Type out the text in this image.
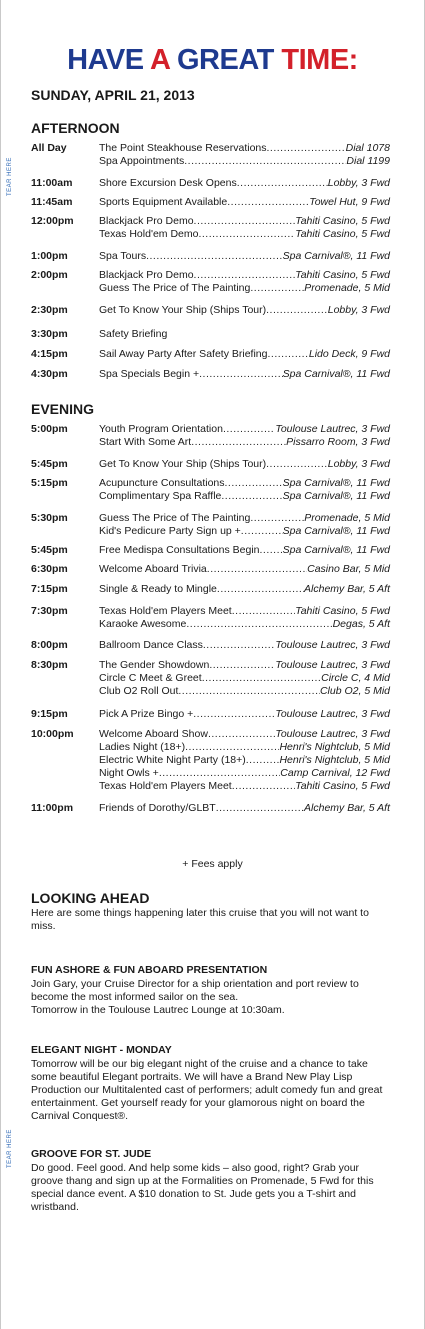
TEAR HERE
TEAR HERE
HAVE A GREAT TIME:
SUNDAY, APRIL 21, 2013
AFTERNOON
All Day	The Point Steakhouse Reservations .....	Dial 1078
Spa Appointments .....	Dial 1199
11:00am	Shore Excursion Desk Opens .....	Lobby, 3 Fwd
11:45am	Sports Equipment Available .....	Towel Hut, 9 Fwd
12:00pm	Blackjack Pro Demo .....	Tahiti Casino, 5 Fwd
Texas Hold'em Demo .....	Tahiti Casino, 5 Fwd
1:00pm	Spa Tours .....	Spa Carnival®, 11 Fwd
2:00pm	Blackjack Pro Demo .....	Tahiti Casino, 5 Fwd
Guess The Price of The Painting .....	Promenade, 5 Mid
2:30pm	Get To Know Your Ship (Ships Tour) .....	Lobby, 3 Fwd
3:30pm	Safety Briefing
4:15pm	Sail Away Party After Safety Briefing .....	Lido Deck, 9 Fwd
4:30pm	Spa Specials Begin + .....	Spa Carnival®, 11 Fwd
EVENING
5:00pm	Youth Program Orientation .....	Toulouse Lautrec, 3 Fwd
Start With Some Art .....	Pissarro Room, 3 Fwd
5:45pm	Get To Know Your Ship (Ships Tour) .....	Lobby, 3 Fwd
5:15pm	Acupuncture Consultations .....	Spa Carnival®, 11 Fwd
Complimentary Spa Raffle .....	Spa Carnival®, 11 Fwd
5:30pm	Guess The Price of The Painting .....	Promenade, 5 Mid
Kid's Pedicure Party Sign up + .....	Spa Carnival®, 11 Fwd
5:45pm	Free Medispa Consultations Begin ..... Spa Carnival®, 11 Fwd
6:30pm	Welcome Aboard Trivia .....	Casino Bar, 5 Mid
7:15pm	Single & Ready to Mingle .....	Alchemy Bar, 5 Aft
7:30pm	Texas Hold'em Players Meet .....	Tahiti Casino, 5 Fwd
Karaoke Awesome .....	Degas, 5 Aft
8:00pm	Ballroom Dance Class .....	Toulouse Lautrec, 3 Fwd
8:30pm	The Gender Showdown .....	Toulouse Lautrec, 3 Fwd
Circle C Meet & Greet .....	Circle C, 4 Mid
Club O2 Roll Out .....	Club O2, 5 Mid
9:15pm	Pick A Prize Bingo + .....	Toulouse Lautrec, 3 Fwd
10:00pm	Welcome Aboard Show .....	Toulouse Lautrec, 3 Fwd
Ladies Night (18+) .....	Henri's Nightclub, 5 Mid
Electric White Night Party (18+) .....	Henri's Nightclub, 5 Mid
Night Owls + .....	Camp Carnival, 12 Fwd
Texas Hold'em Players Meet .....	Tahiti Casino, 5 Fwd
11:00pm	Friends of Dorothy/GLBT .....	Alchemy Bar, 5 Aft
+ Fees apply
LOOKING AHEAD
Here are some things happening later this cruise that you will not want to miss.
FUN ASHORE & FUN ABOARD PRESENTATION

Join Gary, your Cruise Director for a ship orientation and port review to become the most informed sailor on the sea.

Tomorrow in the Toulouse Lautrec Lounge at 10:30am.

ELEGANT NIGHT - MONDAY

Tomorrow will be our big elegant night of the cruise and a chance to take some beautiful Elegant portraits. We will have a Brand New Play Lisp Production our Multitalented cast of performers; adult comedy fun and great entertainment. Get yourself ready for your glamorous night on board the Carnival Conquest®.

GROOVE FOR ST. JUDE

Do good. Feel good. And help some kids – also good, right? Grab your groove thang and sign up at the Formalities on Promenade, 5 Fwd for this special dance event. A $10 donation to St. Jude gets you a T-shirt and wristband.
